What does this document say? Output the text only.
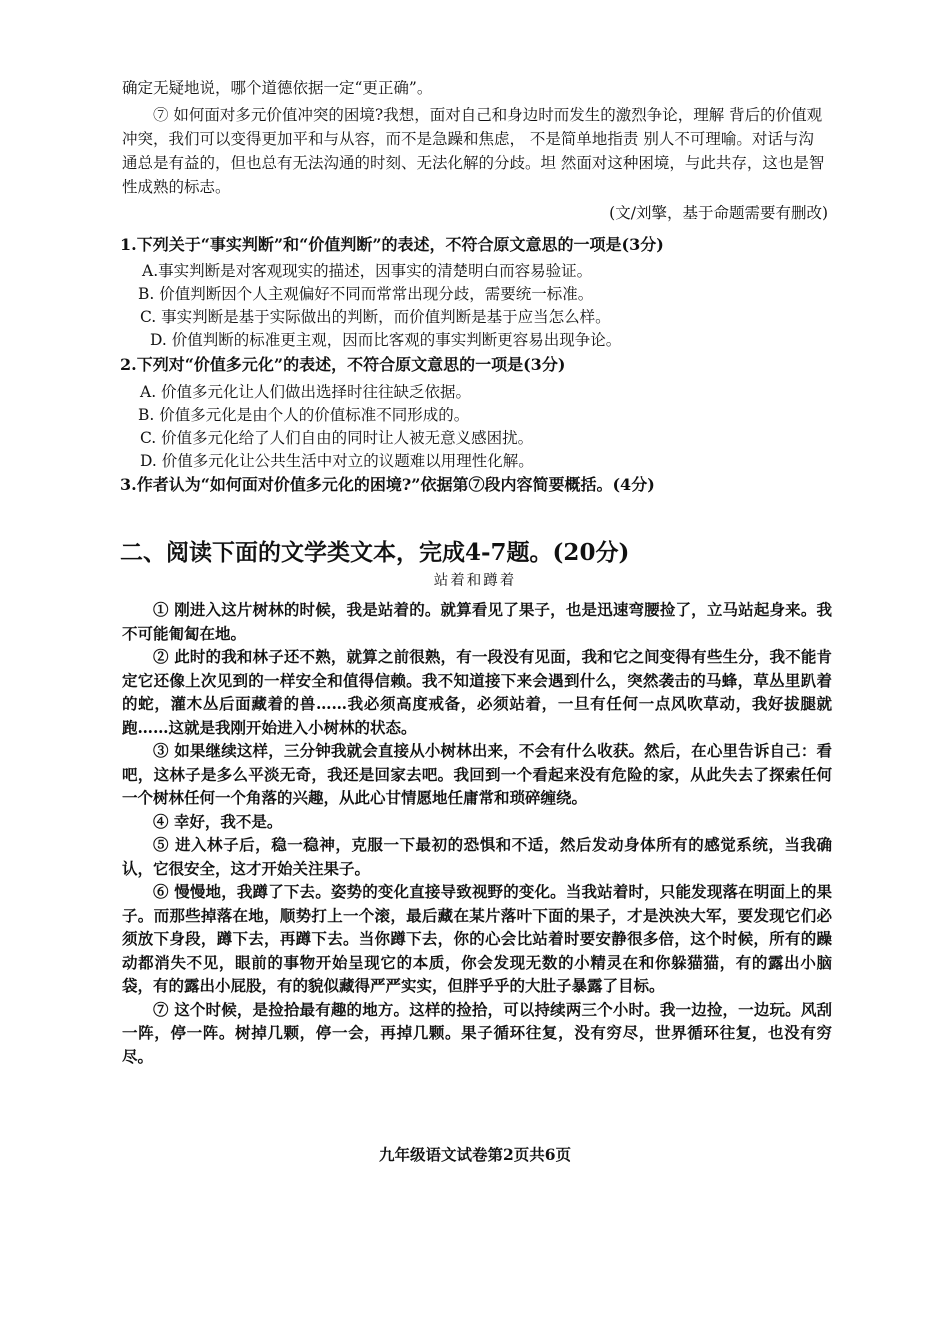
确定无疑地说，哪个道德依据一定“更正确”。
⑦ 如何面对多元价值冲突的困境?我想，面对自己和身边时而发生的激烈争论，理解 背后的价值观冲突，我们可以变得更加平和与从容，而不是急躁和焦虑， 不是简单地指责 别人不可理喻。对话与沟通总是有益的，但也总有无法沟通的时刻、无法化解的分歧。坦 然面对这种困境，与此共存，这也是智性成熟的标志。
(文/刘擎，基于命题需要有删改)
1.下列关于“事实判断”和“价值判断”的表述，不符合原文意思的一项是(3分)
A.事实判断是对客观现实的描述，因事实的清楚明白而容易验证。
B. 价值判断因个人主观偏好不同而常常出现分歧，需要统一标准。
C. 事实判断是基于实际做出的判断，而价值判断是基于应当怎么样。
D. 价值判断的标准更主观，因而比客观的事实判断更容易出现争论。
2.下列对“价值多元化”的表述，不符合原文意思的一项是(3分)
A. 价值多元化让人们做出选择时往往缺乏依据。
B. 价值多元化是由个人的价值标准不同形成的。
C. 价值多元化给了人们自由的同时让人被无意义感困扰。
D. 价值多元化让公共生活中对立的议题难以用理性化解。
3.作者认为“如何面对价值多元化的困境?”依据第⑦段内容简要概括。(4分)
二、阅读下面的文学类文本，完成4-7题。(20分)
站着和蹲着

① 刚进入这片树林的时候，我是站着的。就算看见了果子，也是迅速弯腰捡了，立马站起身来。我不可能匍匐在地。

② 此时的我和林子还不熟，就算之前很熟，有一段没有见面，我和它之间变得有些生分，我不能肯定它还像上次见到的一样安全和值得信赖。我不知道接下来会遇到什么，突然袭击的马蜂，草丛里趴着的蛇，灌木丛后面藏着的兽……我必须高度戒备，必须站着，一旦有任何一点风吹草动，我好拔腿就跑……这就是我刚开始进入小树林的状态。

③ 如果继续这样，三分钟我就会直接从小树林出来，不会有什么收获。然后，在心里告诉自己：看吧，这林子是多么平淡无奇，我还是回家去吧。我回到一个看起来没有危险的家，从此失去了探索任何一个树林任何一个角落的兴趣，从此心甘情愿地任庸常和琐碎缠绕。

④ 幸好，我不是。

⑤ 进入林子后，稳一稳神，克服一下最初的恐惧和不适，然后发动身体所有的感觉系统，当我确认，它很安全，这才开始关注果子。

⑥ 慢慢地，我蹲了下去。姿势的变化直接导致视野的变化。当我站着时，只能发现落在明面上的果子。而那些掉落在地，顺势打上一个滚，最后藏在某片落叶下面的果子，才是泱泱大军，要发现它们必须放下身段，蹲下去，再蹲下去。当你蹲下去，你的心会比站着时要安静很多倍，这个时候，所有的躁动都消失不见，眼前的事物开始呈现它的本质，你会发现无数的小精灵在和你躲猫猫，有的露出小脑袋，有的露出小屁股，有的貌似藏得严严实实，但胖乎乎的大肚子暴露了目标。

⑦ 这个时候，是捡拾最有趣的地方。这样的捡拾，可以持续两三个小时。我一边捡，一边玩。风刮一阵，停一阵。树掉几颗，停一会，再掉几颗。果子循环往复，没有穷尽，世界循环往复，也没有穷尽。

九年级语文试卷第2页共6页
